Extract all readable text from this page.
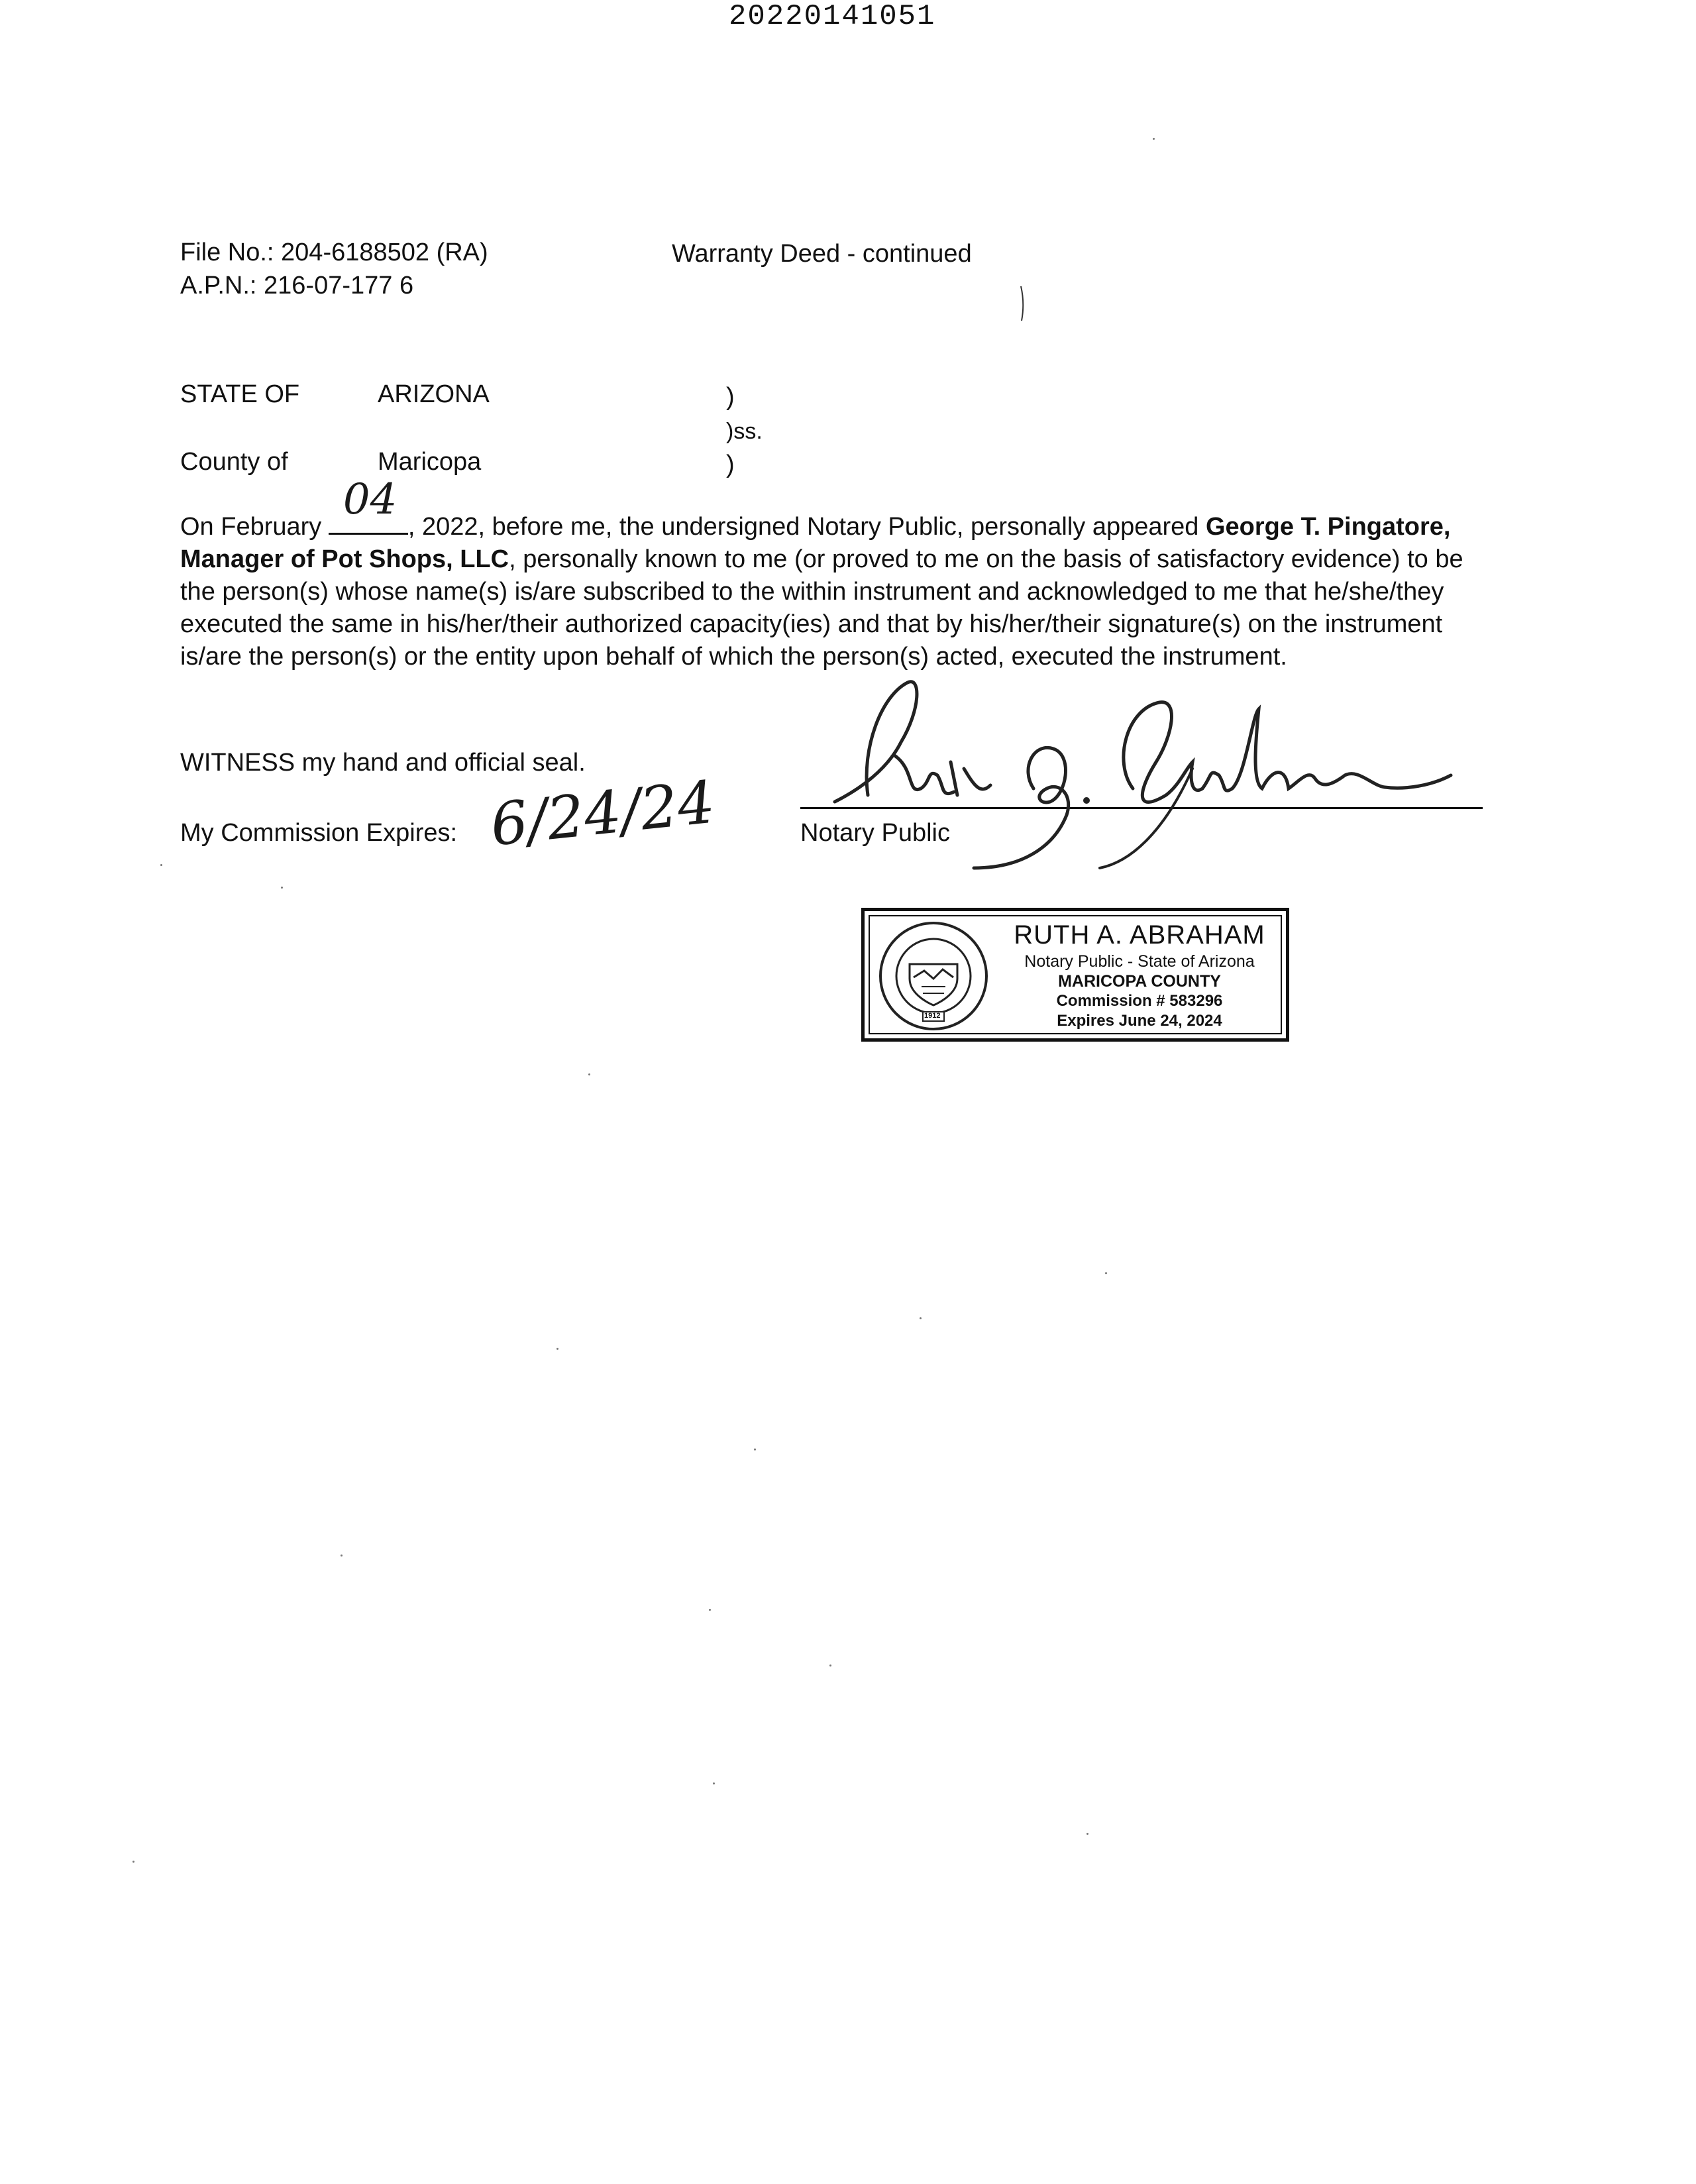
20220141051
File No.: 204-6188502 (RA)
A.P.N.: 216-07-177 6
Warranty Deed - continued
STATE OF	ARIZONA	)
)ss.
County of	Maricopa	)

On February
04
, 2022, before me, the undersigned Notary Public, personally appeared George T. Pingatore, Manager of Pot Shops, LLC, personally known to me (or proved to me on the basis of satisfactory evidence) to be the person(s) whose name(s) is/are subscribed to the within instrument and acknowledged to me that he/she/they executed the same in his/her/their authorized capacity(ies) and that by his/her/their signature(s) on the instrument is/are the person(s) or the entity upon behalf of which the person(s) acted, executed the instrument.

WITNESS my hand and official seal.
My Commission Expires: 6/24/24	Notary Public
1912
RUTH A. ABRAHAM
Notary Public - State of Arizona
MARICOPA COUNTY
Commission # 583296
Expires June 24, 2024
